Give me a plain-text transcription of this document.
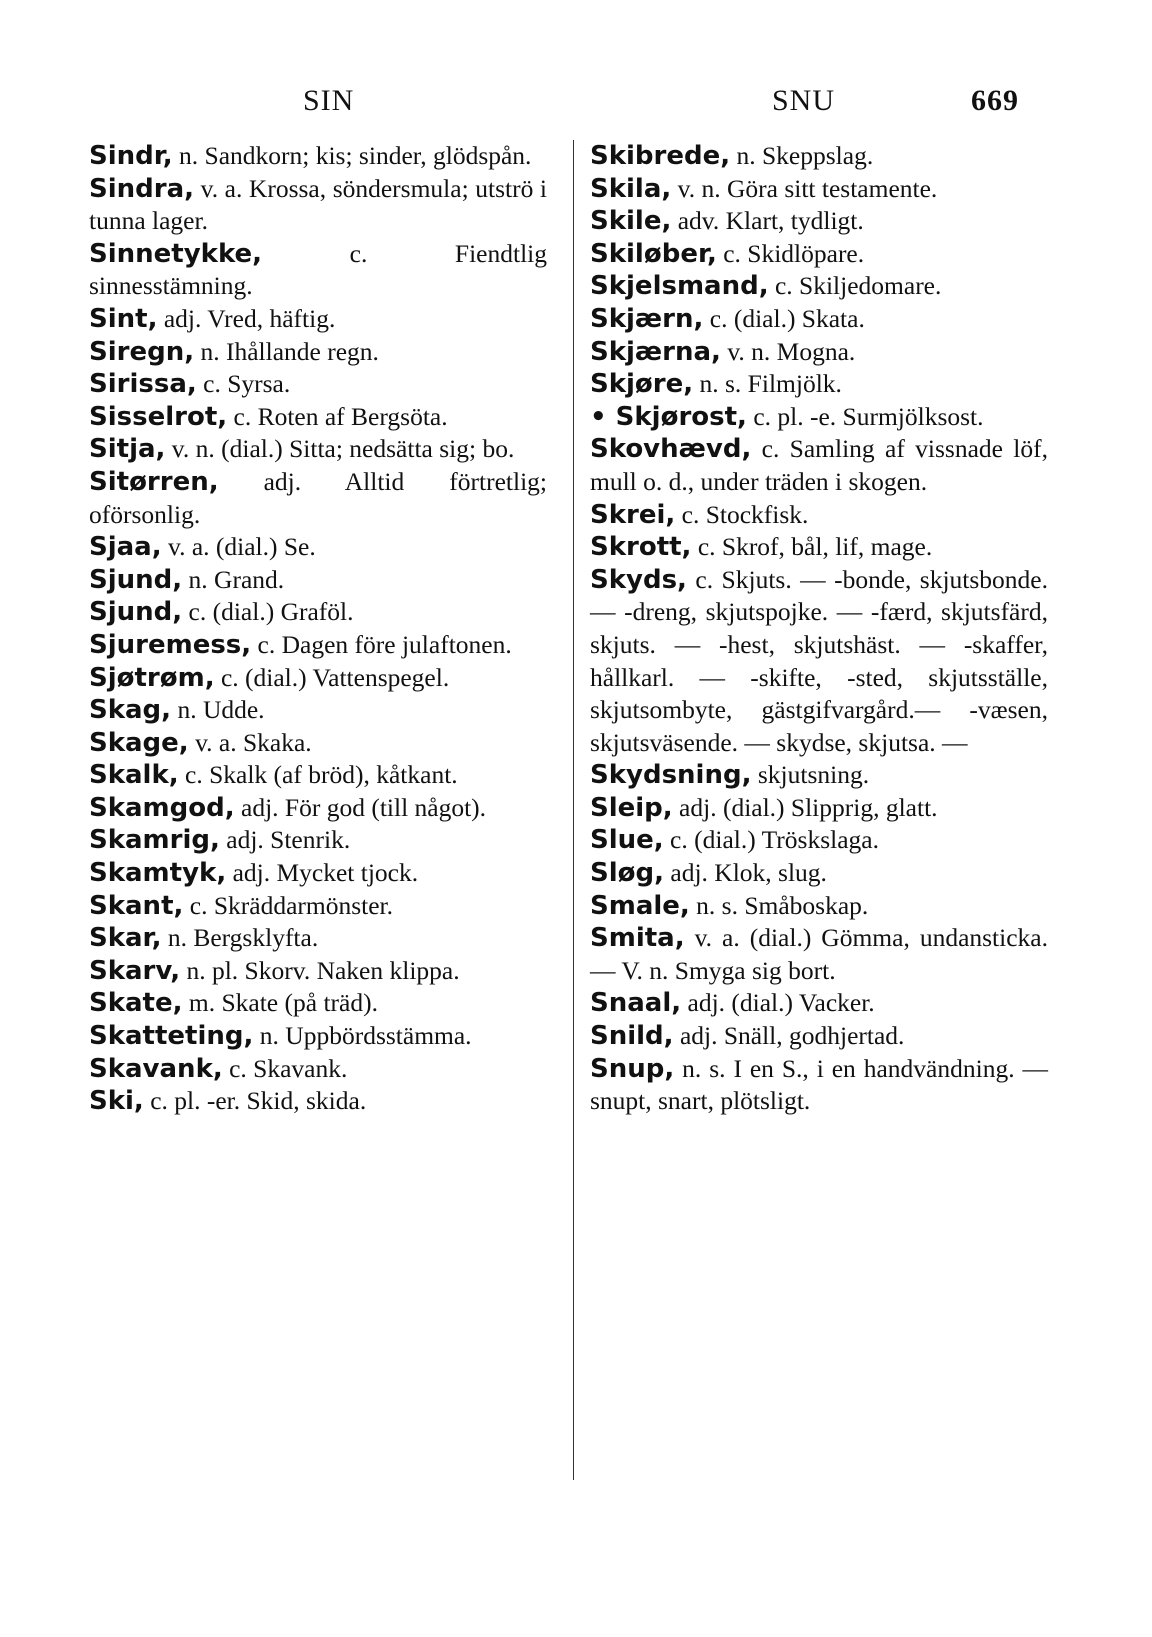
SIN	SNU	669

Sindr, n. Sandkorn; kis; sinder, glödspån.

Sindra, v. a. Krossa, söndersmula; utströ i tunna lager.

Sinnetykke, c. Fiendtlig sinnesstämning.

Sint, adj. Vred, häftig.

Siregn, n. Ihållande regn.

Sirissa, c. Syrsa.

Sisselrot, c. Roten af Bergsöta.

Sitja, v. n. (dial.) Sitta; nedsätta sig; bo.

Sitørren, adj. Alltid förtretlig; oförsonlig.

Sjaa, v. a. (dial.) Se.

Sjund, n. Grand.

Sjund, c. (dial.) Graföl.

Sjuremess, c. Dagen före julaftonen.

Sjøtrøm, c. (dial.) Vattenspegel.

Skag, n. Udde.

Skage, v. a. Skaka.

Skalk, c. Skalk (af bröd), kåtkant.

Skamgod, adj. För god (till något).

Skamrig, adj. Stenrik.

Skamtyk, adj. Mycket tjock.

Skant, c. Skräddarmönster.

Skar, n. Bergsklyfta.

Skarv, n. pl. Skorv. Naken klippa.

Skate, m. Skate (på träd).

Skatteting, n. Uppbördsstämma.

Skavank, c. Skavank.

Ski, c. pl. -er. Skid, skida.

Skibrede, n. Skeppslag.

Skila, v. n. Göra sitt testamente.

Skile, adv. Klart, tydligt.

Skiløber, c. Skidlöpare.

Skjelsmand, c. Skiljedomare.

Skjærn, c. (dial.) Skata.

Skjærna, v. n. Mogna.

Skjøre, n. s. Filmjölk.

• Skjørost, c. pl. -e. Surmjölksost.

Skovhævd, c. Samling af vissnade löf, mull o. d., under träden i skogen.

Skrei, c. Stockfisk.

Skrott, c. Skrof, bål, lif, mage.

Skyds, c. Skjuts. — -bonde, skjutsbonde. — -dreng, skjutspojke. — -færd, skjutsfärd, skjuts. — -hest, skjutshäst. — -skaffer, hållkarl. — -skifte, -sted, skjutsställe, skjutsombyte, gästgifvargård.— -væsen, skjutsväsende. — skydse, skjutsa. —

Skydsning, skjutsning.

Sleip, adj. (dial.) Slipprig, glatt.

Slue, c. (dial.) Tröskslaga.

Sløg, adj. Klok, slug.

Smale, n. s. Småboskap.

Smita, v. a. (dial.) Gömma, undansticka. — V. n. Smyga sig bort.

Snaal, adj. (dial.) Vacker.

Snild, adj. Snäll, godhjertad.

Snup, n. s. I en S., i en handvändning. — snupt, snart, plötsligt.
